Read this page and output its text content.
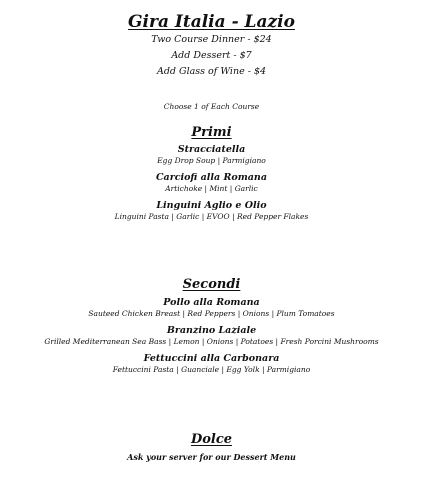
Gira Italia - Lazio
Two Course Dinner - $24
Add Dessert - $7
Add Glass of Wine - $4
Choose 1 of Each Course
Primi
Stracciatella
Egg Drop Soup | Parmigiano
Carciofi alla Romana
Artichoke | Mint | Garlic
Linguini Aglio e Olio
Linguini Pasta | Garlic | EVOO | Red Pepper Flakes
Secondi
Pollo alla Romana
Sauteed Chicken Breast | Red Peppers | Onions | Plum Tomatoes
Branzino Laziale
Grilled Mediterranean Sea Bass | Lemon | Onions | Potatoes | Fresh Porcini Mushrooms
Fettuccini alla Carbonara
Fettuccini Pasta | Guanciale | Egg Yolk | Parmigiano
Dolce
Ask your server for our Dessert Menu
